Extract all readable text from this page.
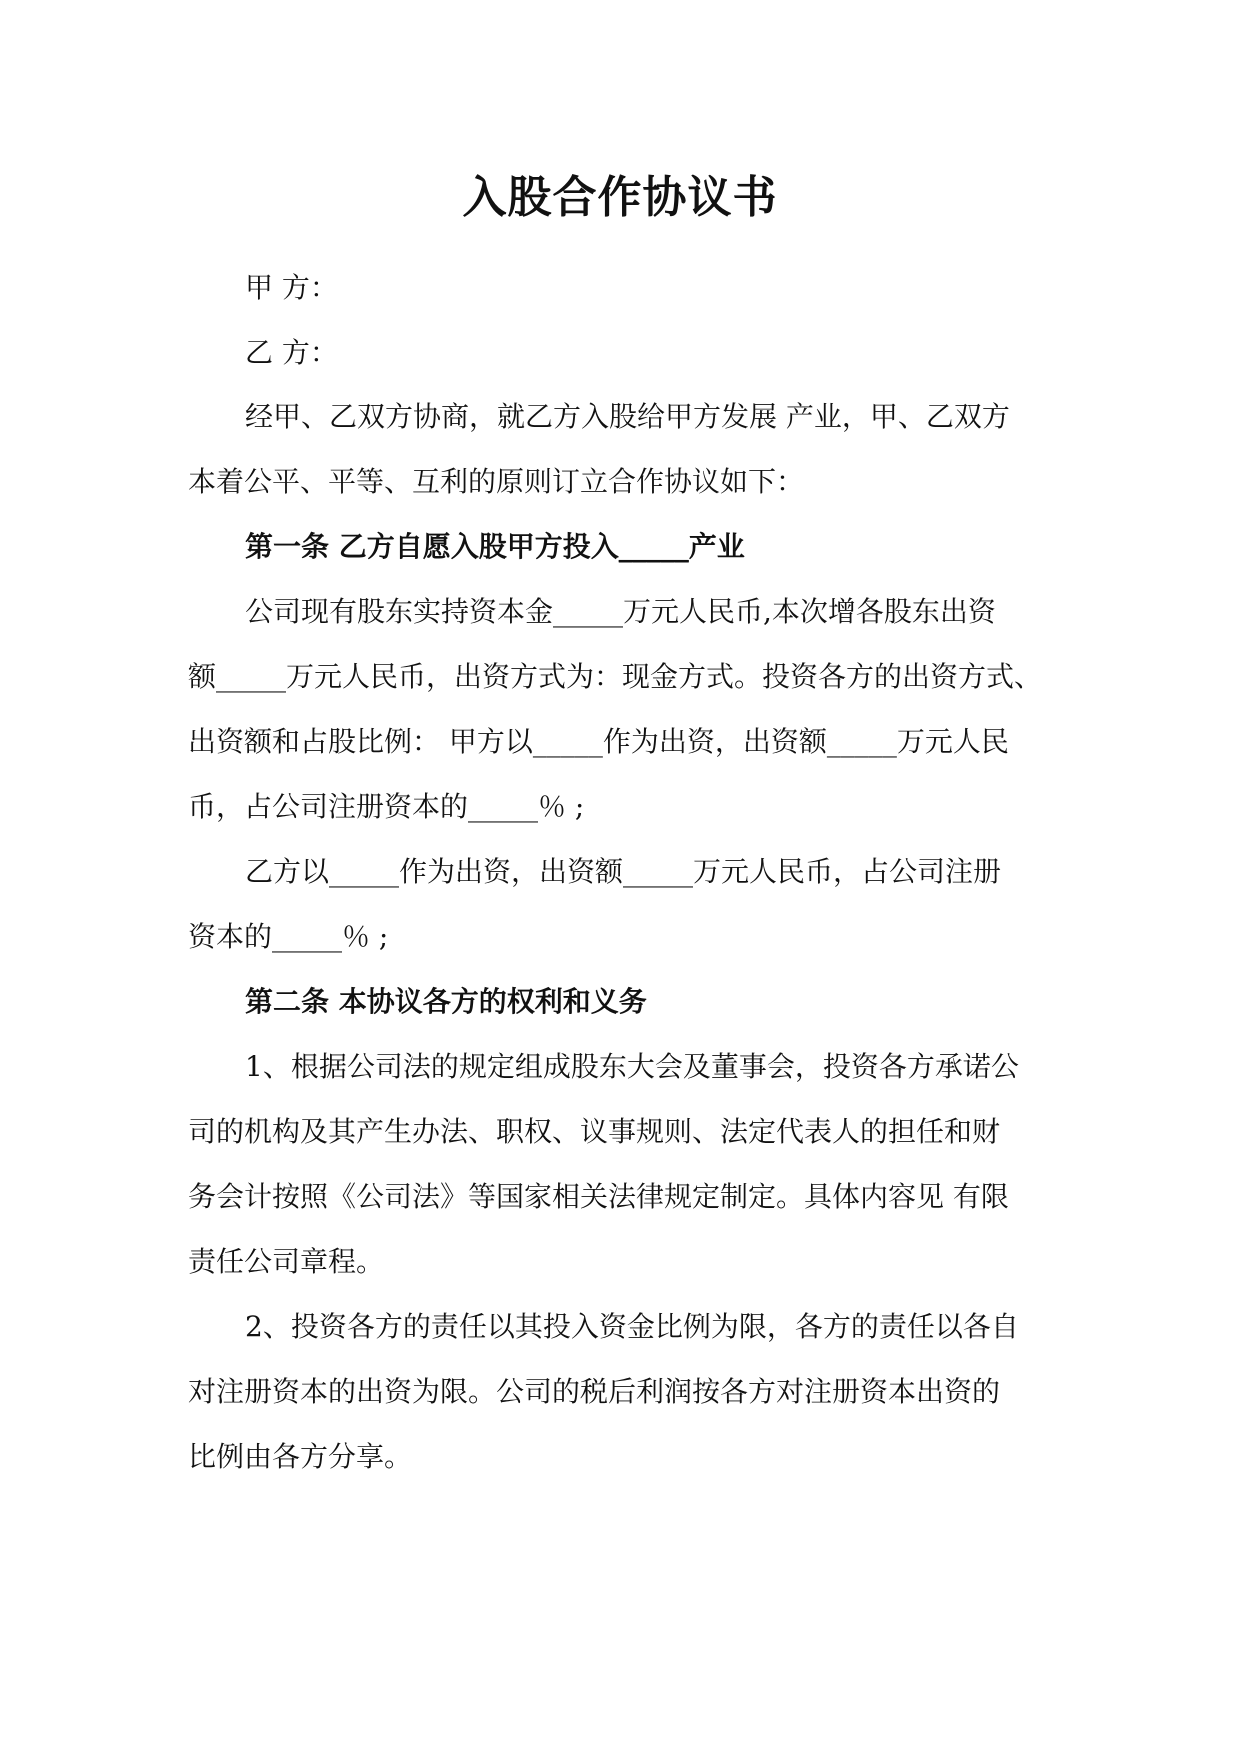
入股合作协议书
甲 方：
乙 方：
经甲、乙双方协商，就乙方入股给甲方发展 产业，甲、乙双方
本着公平、平等、互利的原则订立合作协议如下：
第一条 乙方自愿入股甲方投入_____产业
公司现有股东实持资本金_____万元人民币,本次增各股东出资
额_____万元人民币，出资方式为：现金方式。投资各方的出资方式、
出资额和占股比例： 甲方以_____作为出资，出资额_____万元人民
币，占公司注册资本的_____％ ;
乙方以_____作为出资，出资额_____万元人民币，占公司注册
资本的_____％ ;
第二条 本协议各方的权利和义务
1、根据公司法的规定组成股东大会及董事会，投资各方承诺公
司的机构及其产生办法、职权、议事规则、法定代表人的担任和财
务会计按照《公司法》等国家相关法律规定制定。具体内容见 有限
责任公司章程。
2、投资各方的责任以其投入资金比例为限，各方的责任以各自
对注册资本的出资为限。公司的税后利润按各方对注册资本出资的
比例由各方分享。
